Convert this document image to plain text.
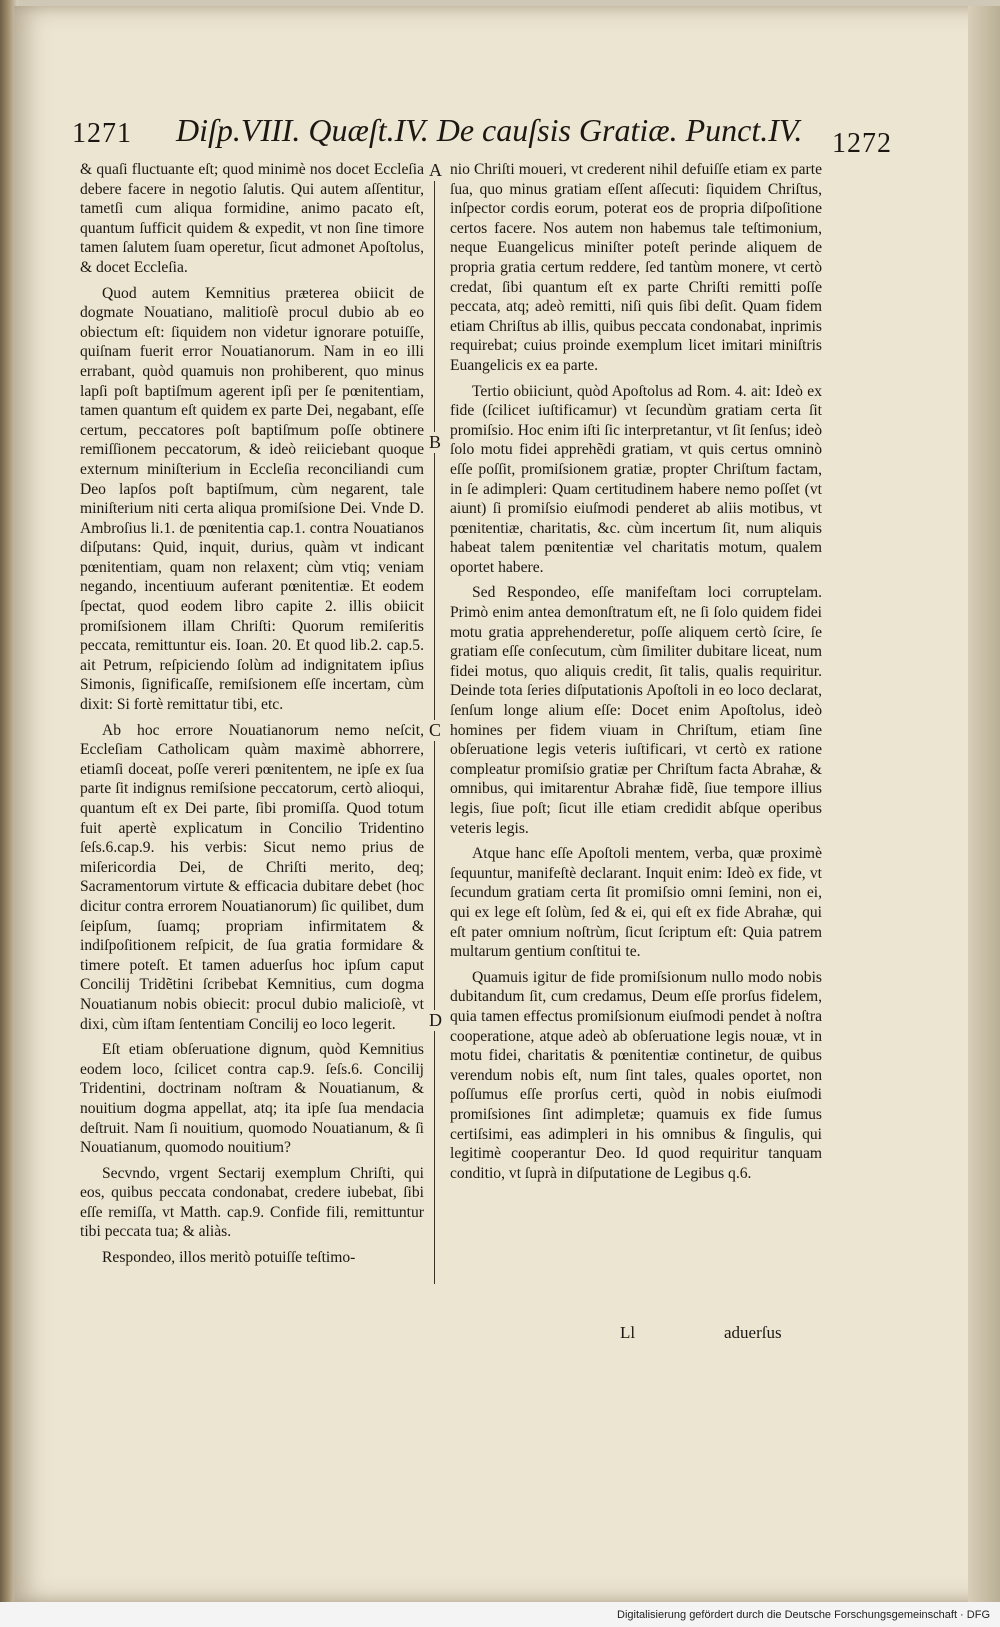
1271 Diſp.VIII. Quæſt.IV. De cauſsis Gratiæ. Punct.IV. 1272

& quaſi fluctuante eſt; quod minimè nos docet Eccleſia debere facere in negotio ſalutis. Qui autem aſſentitur, tametſi cum aliqua formidine, animo pacato eſt, quantum ſufficit quidem & expedit, vt non ſine timore tamen ſalutem ſuam operetur, ſicut admonet Apoſtolus, & docet Eccleſia.

Quod autem Kemnitius præterea obiicit de dogmate Nouatiano, malitioſè procul dubio ab eo obiectum eſt: ſiquidem non videtur ignorare potuiſſe, quiſnam fuerit error Nouatianorum. Nam in eo illi errabant, quòd quamuis non prohiberent, quo minus lapſi poſt baptiſmum agerent ipſi per ſe pœnitentiam, tamen quantum eſt quidem ex parte Dei, negabant, eſſe certum, peccatores poſt baptiſmum poſſe obtinere remiſſionem peccatorum, & ideò reiiciebant quoque externum miniſterium in Eccleſia reconciliandi cum Deo lapſos poſt baptiſmum, cùm negarent, tale miniſterium niti certa aliqua promiſsione Dei. Vnde D. Ambroſius li.1. de pœnitentia cap.1. contra Nouatianos diſputans: Quid, inquit, durius, quàm vt indicant pœnitentiam, quam non relaxent; cùm vtiq; veniam negando, incentiuum auferant pœnitentiæ. Et eodem ſpectat, quod eodem libro capite 2. illis obiicit promiſsionem illam Chriſti: Quorum remiſeritis peccata, remittuntur eis. Ioan. 20. Et quod lib.2. cap.5. ait Petrum, reſpiciendo ſolùm ad indignitatem ipſius Simonis, ſignificaſſe, remiſsionem eſſe incertam, cùm dixit: Si fortè remittatur tibi, etc.

Ab hoc errore Nouatianorum nemo neſcit, Eccleſiam Catholicam quàm maximè abhorrere, etiamſi doceat, poſſe vereri pœnitentem, ne ipſe ex ſua parte ſit indignus remiſsione peccatorum, certò alioqui, quantum eſt ex Dei parte, ſibi promiſſa. Quod totum fuit apertè explicatum in Concilio Tridentino ſeſs.6.cap.9. his verbis: Sicut nemo prius de miſericordia Dei, de Chriſti merito, deq; Sacramentorum virtute & efficacia dubitare debet (hoc dicitur contra errorem Nouatianorum) ſic quilibet, dum ſeipſum, ſuamq; propriam infirmitatem & indiſpoſitionem reſpicit, de ſua gratia formidare & timere poteſt. Et tamen aduerſus hoc ipſum caput Concilij Tridẽtini ſcribebat Kemnitius, cum dogma Nouatianum nobis obiecit: procul dubio malicioſè, vt dixi, cùm iſtam ſententiam Concilij eo loco legerit.

Eſt etiam obſeruatione dignum, quòd Kemnitius eodem loco, ſcilicet contra cap.9. ſeſs.6. Concilij Tridentini, doctrinam noſtram & Nouatianum, & nouitium dogma appellat, atq; ita ipſe ſua mendacia deſtruit. Nam ſi nouitium, quomodo Nouatianum, & ſi Nouatianum, quomodo nouitium?

Secvndo, vrgent Sectarij exemplum Chriſti, qui eos, quibus peccata condonabat, credere iubebat, ſibi eſſe remiſſa, vt Matth. cap.9. Confide fili, remittuntur tibi peccata tua; & aliàs.

Respondeo, illos meritò potuiſſe teſtimo-

A
B
C
D

nio Chriſti moueri, vt crederent nihil defuiſſe etiam ex parte ſua, quo minus gratiam eſſent aſſecuti: ſiquidem Chriſtus, inſpector cordis eorum, poterat eos de propria diſpoſitione certos facere. Nos autem non habemus tale teſtimonium, neque Euangelicus miniſter poteſt perinde aliquem de propria gratia certum reddere, ſed tantùm monere, vt certò credat, ſibi quantum eſt ex parte Chriſti remitti poſſe peccata, atq; adeò remitti, niſi quis ſibi deſit. Quam fidem etiam Chriſtus ab illis, quibus peccata condonabat, inprimis requirebat; cuius proinde exemplum licet imitari miniſtris Euangelicis ex ea parte.

Tertio obiiciunt, quòd Apoſtolus ad Rom. 4. ait: Ideò ex fide (ſcilicet iuſtificamur) vt ſecundùm gratiam certa ſit promiſsio. Hoc enim iſti ſic interpretantur, vt ſit ſenſus; ideò ſolo motu fidei apprehẽdi gratiam, vt quis certus omninò eſſe poſſit, promiſsionem gratiæ, propter Chriſtum factam, in ſe adimpleri: Quam certitudinem habere nemo poſſet (vt aiunt) ſi promiſsio eiuſmodi penderet ab aliis motibus, vt pœnitentiæ, charitatis, &c. cùm incertum ſit, num aliquis habeat talem pœnitentiæ vel charitatis motum, qualem oportet habere.

Sed Respondeo, eſſe manifeſtam loci corruptelam. Primò enim antea demonſtratum eſt, ne ſi ſolo quidem fidei motu gratia apprehenderetur, poſſe aliquem certò ſcire, ſe gratiam eſſe conſecutum, cùm ſimiliter dubitare liceat, num fidei motus, quo aliquis credit, ſit talis, qualis requiritur. Deinde tota ſeries diſputationis Apoſtoli in eo loco declarat, ſenſum longe alium eſſe: Docet enim Apoſtolus, ideò homines per fidem viuam in Chriſtum, etiam ſine obſeruatione legis veteris iuſtificari, vt certò ex ratione compleatur promiſsio gratiæ per Chriſtum facta Abrahæ, & omnibus, qui imitarentur Abrahæ fidẽ, ſiue tempore illius legis, ſiue poſt; ſicut ille etiam credidit abſque operibus veteris legis.

Atque hanc eſſe Apoſtoli mentem, verba, quæ proximè ſequuntur, manifeſtè declarant. Inquit enim: Ideò ex fide, vt ſecundum gratiam certa ſit promiſsio omni ſemini, non ei, qui ex lege eſt ſolùm, ſed & ei, qui eſt ex fide Abrahæ, qui eſt pater omnium noſtrùm, ſicut ſcriptum eſt: Quia patrem multarum gentium conſtitui te.

Quamuis igitur de fide promiſsionum nullo modo nobis dubitandum ſit, cum credamus, Deum eſſe prorſus fidelem, quia tamen effectus promiſsionum eiuſmodi pendet à noſtra cooperatione, atque adeò ab obſeruatione legis nouæ, vt in motu fidei, charitatis & pœnitentiæ continetur, de quibus verendum nobis eſt, num ſint tales, quales oportet, non poſſumus eſſe prorſus certi, quòd in nobis eiuſmodi promiſsiones ſint adimpletæ; quamuis ex fide ſumus certiſsimi, eas adimpleri in his omnibus & ſingulis, qui legitimè cooperantur Deo. Id quod requiritur tanquam conditio, vt ſuprà in diſputatione de Legibus q.6.

Ll	aduerſus
Digitalisierung gefördert durch die Deutsche Forschungsgemeinschaft · DFG
